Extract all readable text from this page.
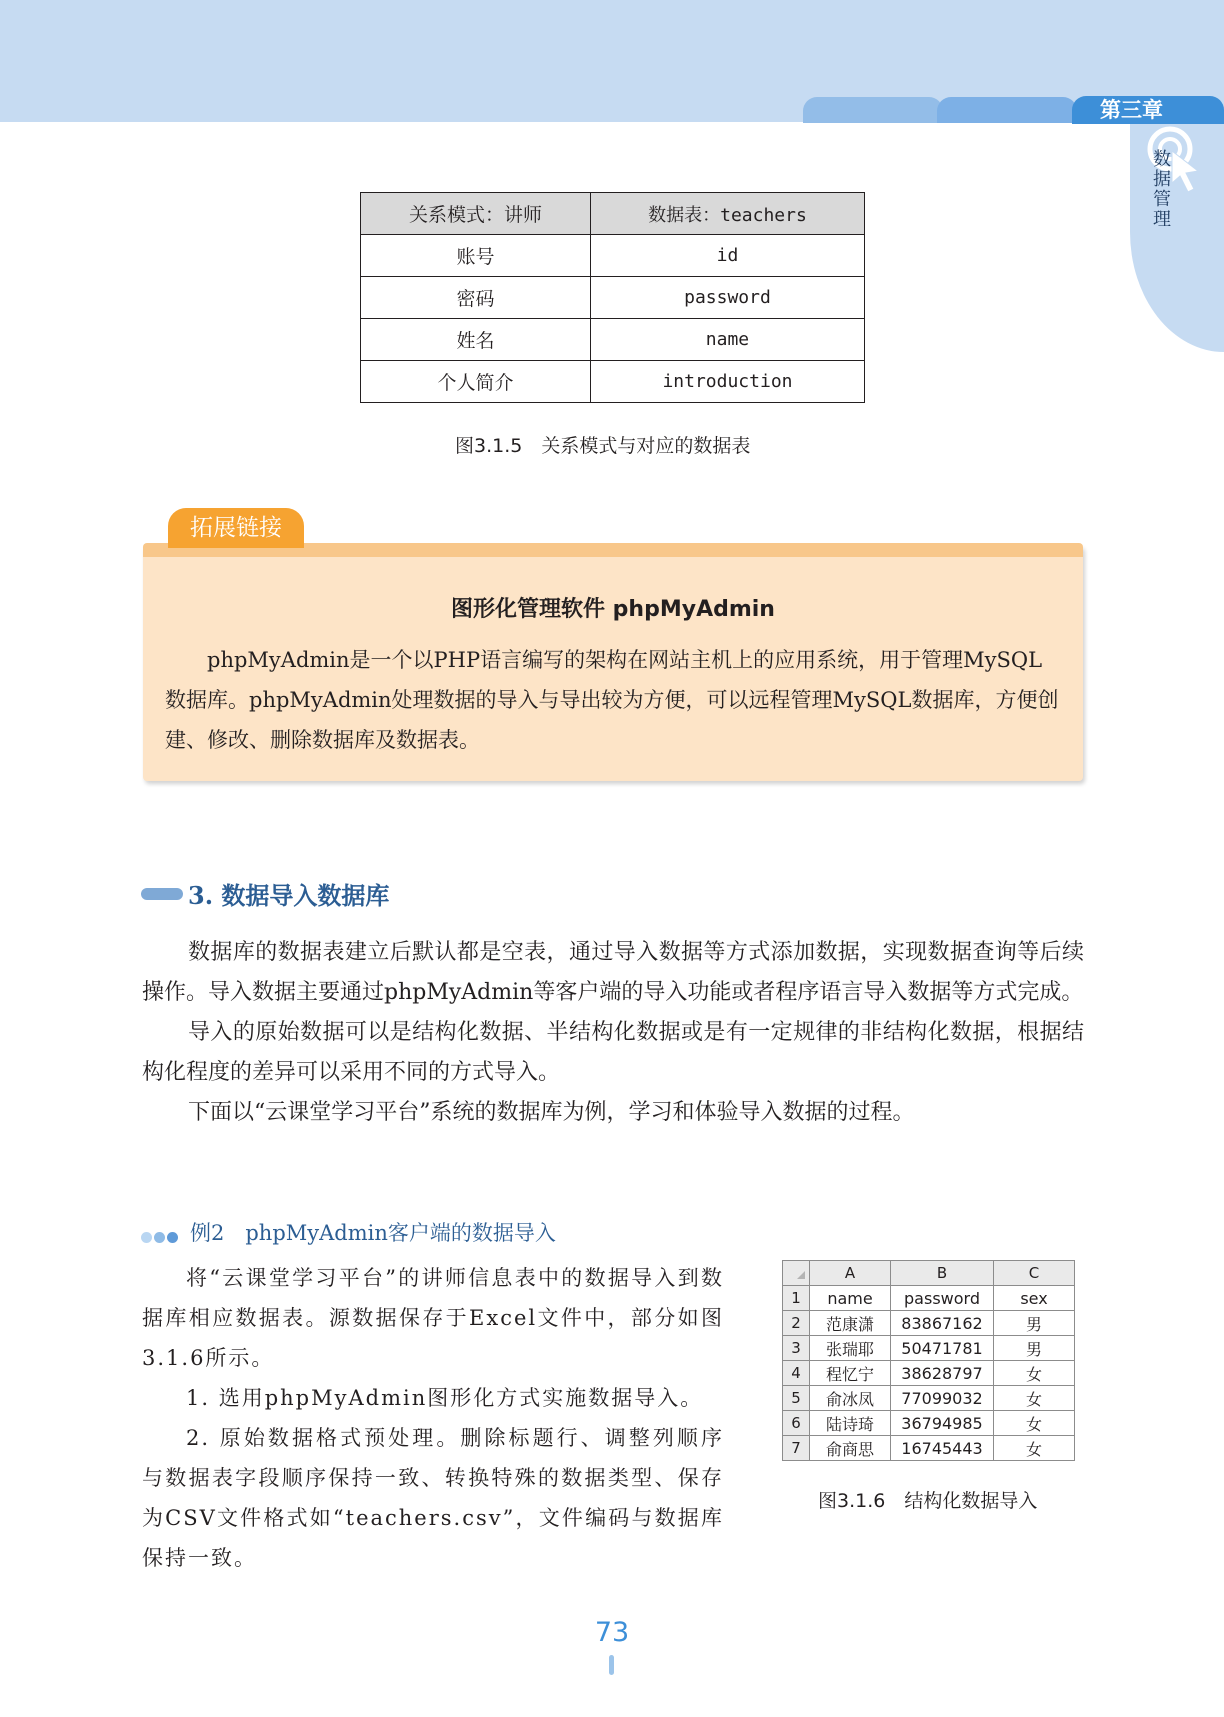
第三章
数据管理
关系模式：讲师	数据表：teachers
账号	id
密码	password
姓名	name
个人简介	introduction
图3.1.5　关系模式与对应的数据表
拓展链接
图形化管理软件 phpMyAdmin

phpMyAdmin是一个以PHP语言编写的架构在网站主机上的应用系统，用于管理MySQL数据库。phpMyAdmin处理数据的导入与导出较为方便，可以远程管理MySQL数据库，方便创建、修改、删除数据库及数据表。

3. 数据导入数据库

数据库的数据表建立后默认都是空表，通过导入数据等方式添加数据，实现数据查询等后续操作。导入数据主要通过phpMyAdmin等客户端的导入功能或者程序语言导入数据等方式完成。

导入的原始数据可以是结构化数据、半结构化数据或是有一定规律的非结构化数据，根据结构化程度的差异可以采用不同的方式导入。

下面以“云课堂学习平台”系统的数据库为例，学习和体验导入数据的过程。

例2　phpMyAdmin客户端的数据导入

将“云课堂学习平台”的讲师信息表中的数据导入到数据库相应数据表。源数据保存于Excel文件中，部分如图3.1.6所示。

1. 选用phpMyAdmin图形化方式实施数据导入。

2. 原始数据格式预处理。删除标题行、调整列顺序与数据表字段顺序保持一致、转换特殊的数据类型、保存为CSV文件格式如“teachers.csv”，文件编码与数据库保持一致。

	A	B	C
1	name	password	sex
2	范康潇	83867162	男
3	张瑞耶	50471781	男
4	程忆宁	38628797	女
5	俞冰凤	77099032	女
6	陆诗琦	36794985	女
7	俞商思	16745443	女
图3.1.6　结构化数据导入
73
